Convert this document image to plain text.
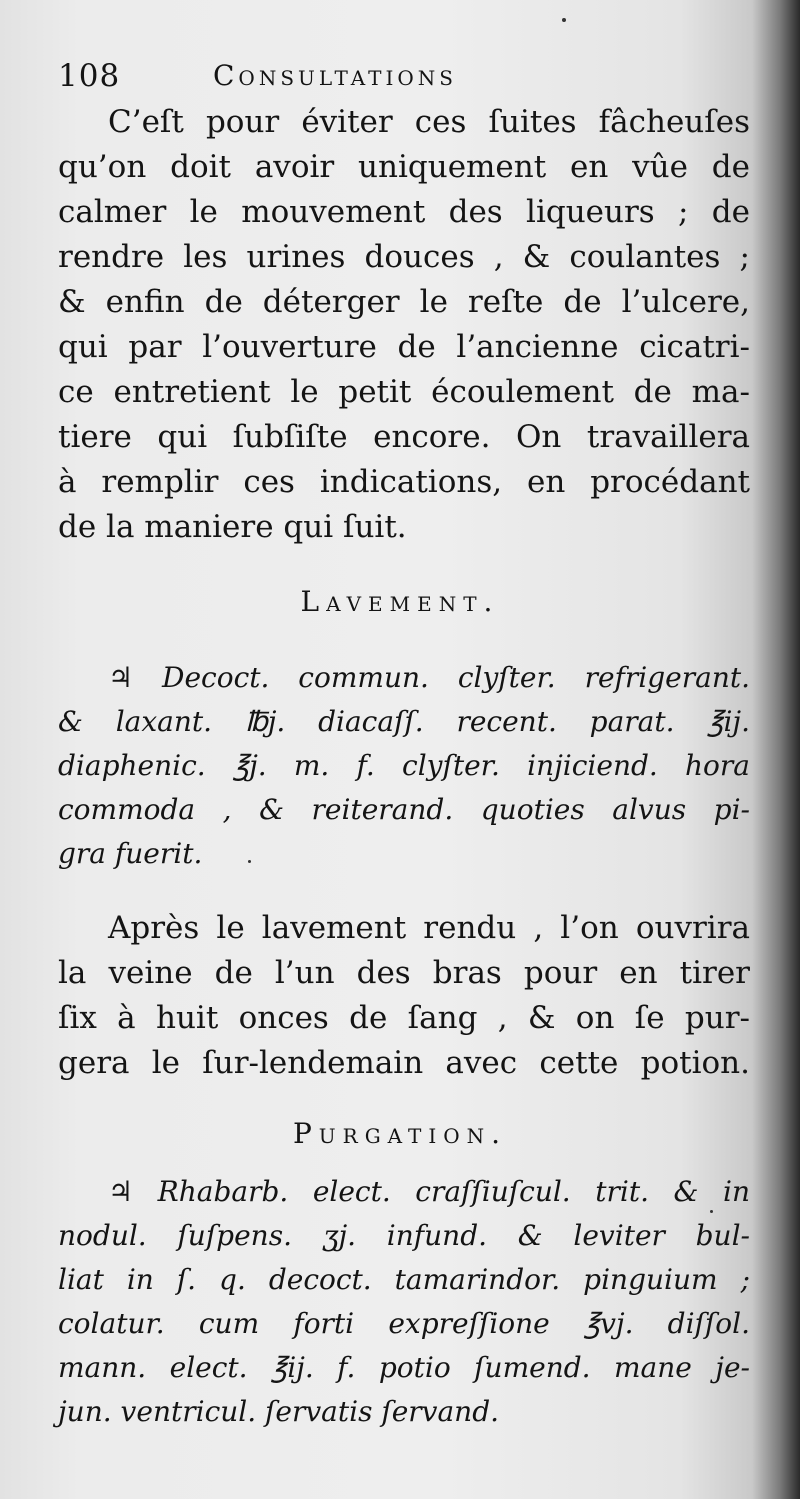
108	Consultations
C’eſt pour éviter ces ſuites fâcheuſes
qu’on doit avoir uniquement en vûe de
calmer le mouvement des liqueurs ; de
rendre les urines douces , & coulantes ;
& enfin de déterger le reſte de l’ulcere,
qui par l’ouverture de l’ancienne cicatri-
ce entretient le petit écoulement de ma-
tiere qui ſubſiſte encore. On travaillera
à remplir ces indications, en procédant
de la maniere qui ſuit.
Lavement.
♃ Decoct. commun. clyſter. refrigerant.
& laxant. ℔j. diacaſſ. recent. parat. ℥ij.
diaphenic. ℥j. m. f. clyſter. injiciend. hora
commoda , & reiterand. quoties alvus pi-
gra fuerit.
Après le lavement rendu , l’on ouvrira
la veine de l’un des bras pour en tirer
ſix à huit onces de ſang , & on ſe pur-
gera le ſur-lendemain avec cette potion.
Purgation.
♃ Rhabarb. elect. craſſiuſcul. trit. & in
nodul. ſuſpens. ʒj. infund. & leviter bul-
liat in ſ. q. decoct. tamarindor. pinguium ;
colatur. cum forti expreſſione ℥vj. diſſol.
mann. elect. ℥ij. f. potio ſumend. mane je-
jun. ventricul. ſervatis ſervand.
